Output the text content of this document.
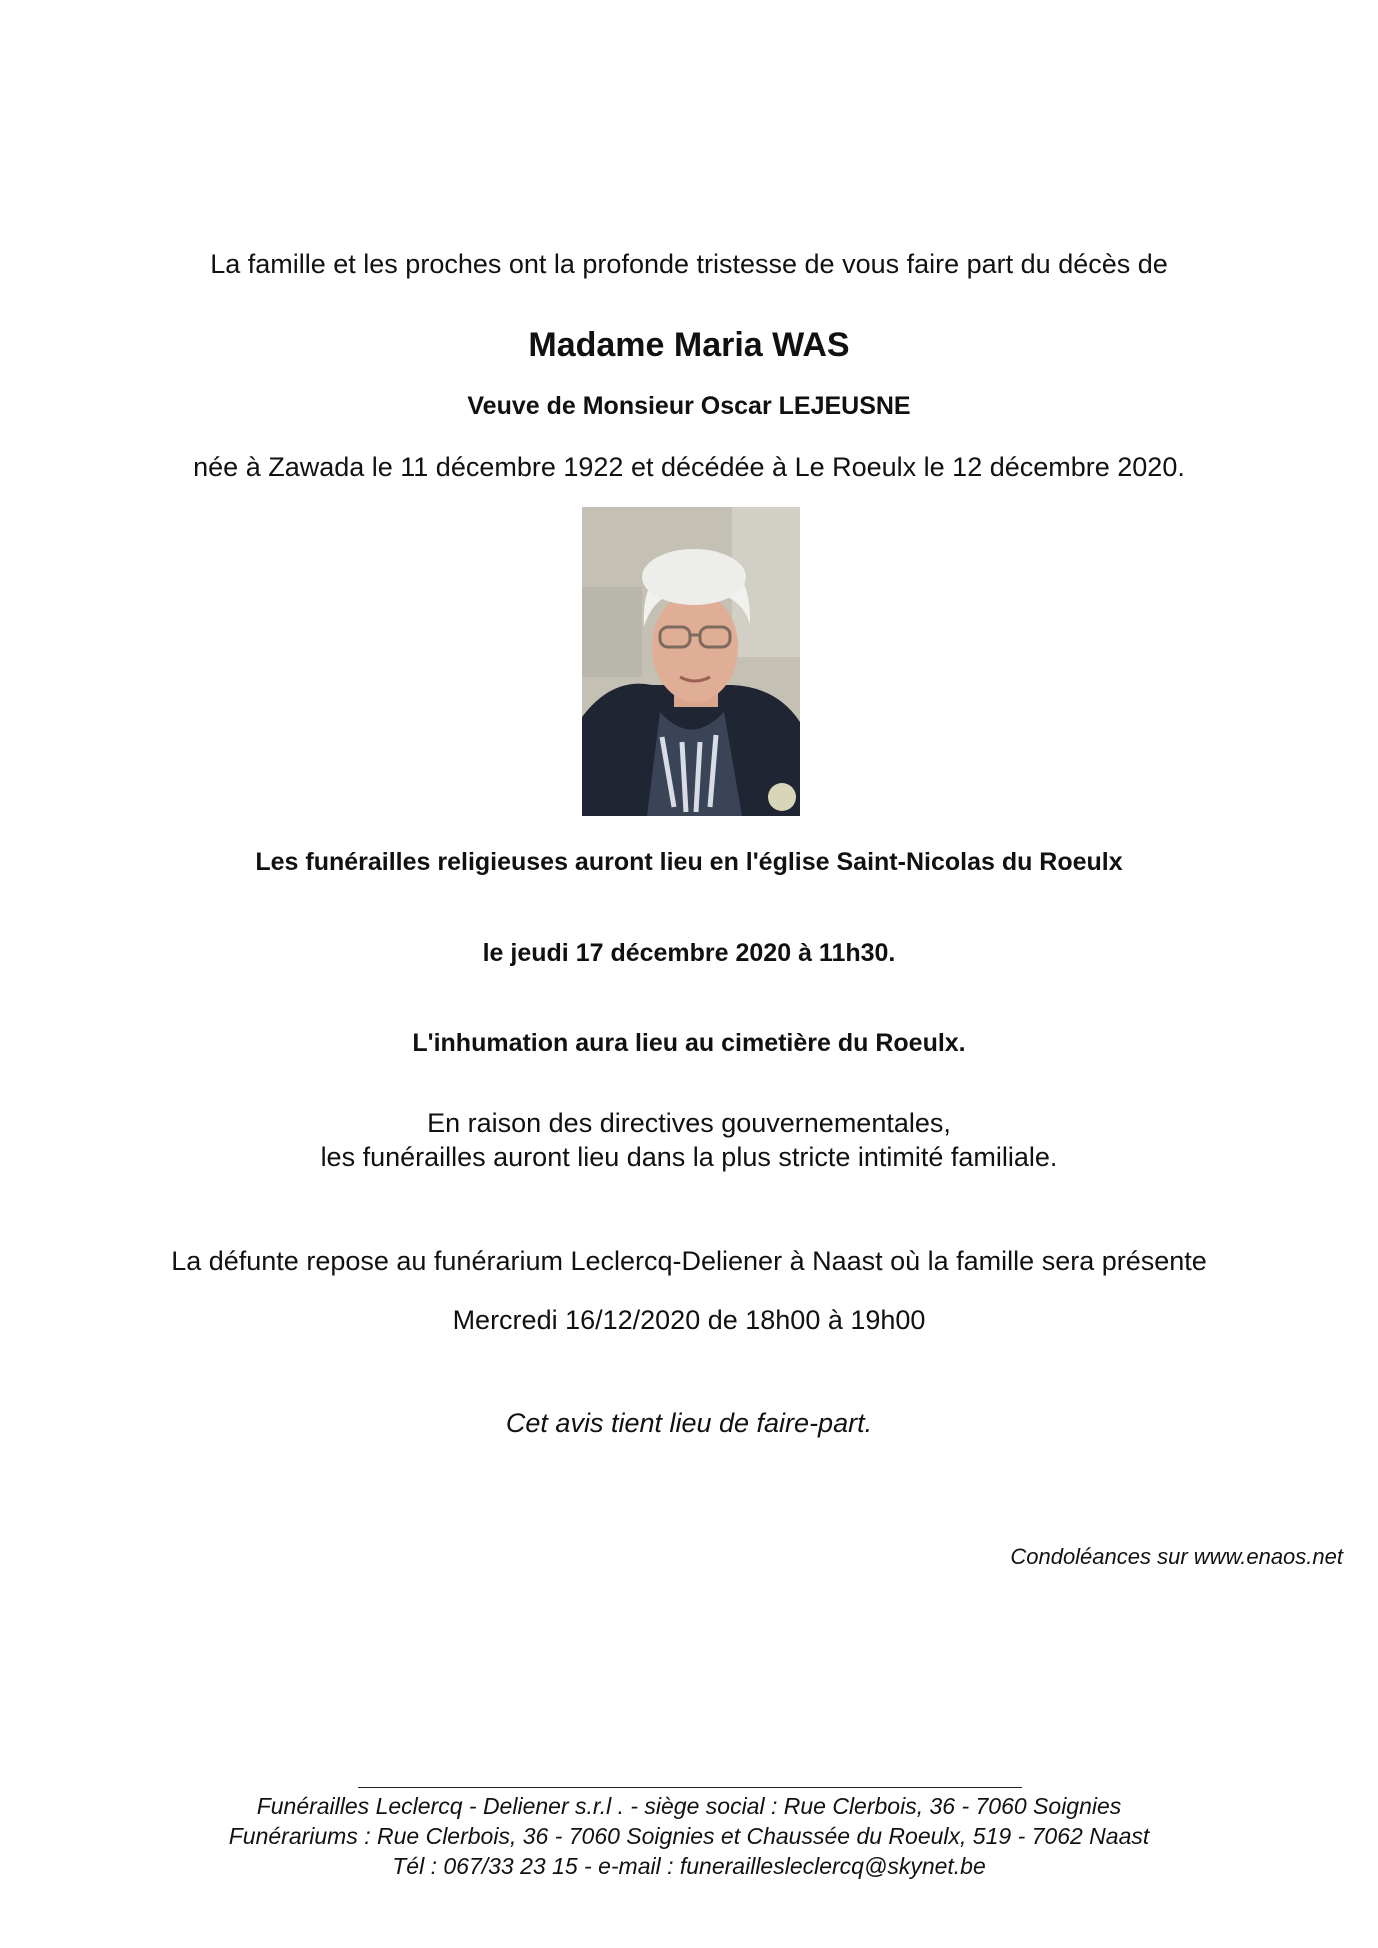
La famille et les proches ont la profonde tristesse de vous faire part du décès de
Madame Maria WAS
Veuve de Monsieur Oscar LEJEUSNE
née à Zawada le 11 décembre 1922 et décédée à Le Roeulx le 12 décembre 2020.
Les funérailles religieuses auront lieu en l'église Saint-Nicolas du Roeulx
le jeudi 17 décembre 2020 à 11h30.
L'inhumation aura lieu au cimetière du Roeulx.
En raison des directives gouvernementales,
les funérailles auront lieu dans la plus stricte intimité familiale.
La défunte repose au funérarium Leclercq-Deliener à Naast où la famille sera présente
Mercredi 16/12/2020 de 18h00 à 19h00
Cet avis tient lieu de faire-part.
Condoléances sur www.enaos.net
Funérailles Leclercq - Deliener s.r.l . - siège social : Rue Clerbois, 36 - 7060 Soignies
Funérariums : Rue Clerbois, 36 - 7060 Soignies et Chaussée du Roeulx, 519 - 7062 Naast
Tél : 067/33 23 15 - e-mail : funerailleslecler​cq@skynet.be
